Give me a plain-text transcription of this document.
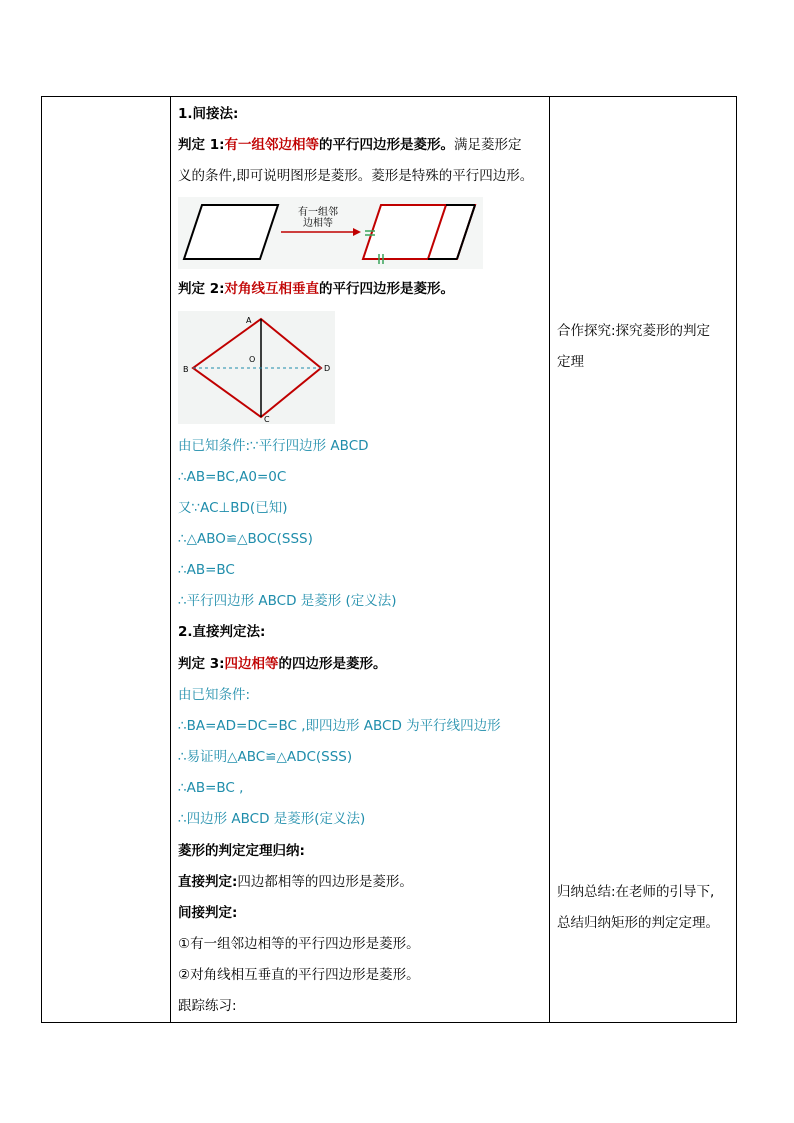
1.间接法:
判定 1:有一组邻边相等的平行四边形是菱形。满足菱形定
义的条件,即可说明图形是菱形。菱形是特殊的平行四边形。
有一组邻
边相等
判定 2:对角线互相垂直的平行四边形是菱形。
A
B
C
D
O
由已知条件:∵平行四边形 ABCD
∴AB=BC,A0=0C
又∵AC⊥BD(已知)
∴△ABO≌△BOC(SSS)
∴AB=BC
∴平行四边形 ABCD 是菱形 (定义法)
2.直接判定法:
判定 3:四边相等的四边形是菱形。
由已知条件:
∴BA=AD=DC=BC ,即四边形 ABCD 为平行线四边形
∴易证明△ABC≌△ADC(SSS)
∴AB=BC ,
∴四边形 ABCD 是菱形(定义法)
菱形的判定定理归纳:
直接判定:四边都相等的四边形是菱形。
间接判定:
①有一组邻边相等的平行四边形是菱形。
②对角线相互垂直的平行四边形是菱形。
跟踪练习:
合作探究:探究菱形的判定
定理
归纳总结:在老师的引导下,
总结归纳矩形的判定定理。
